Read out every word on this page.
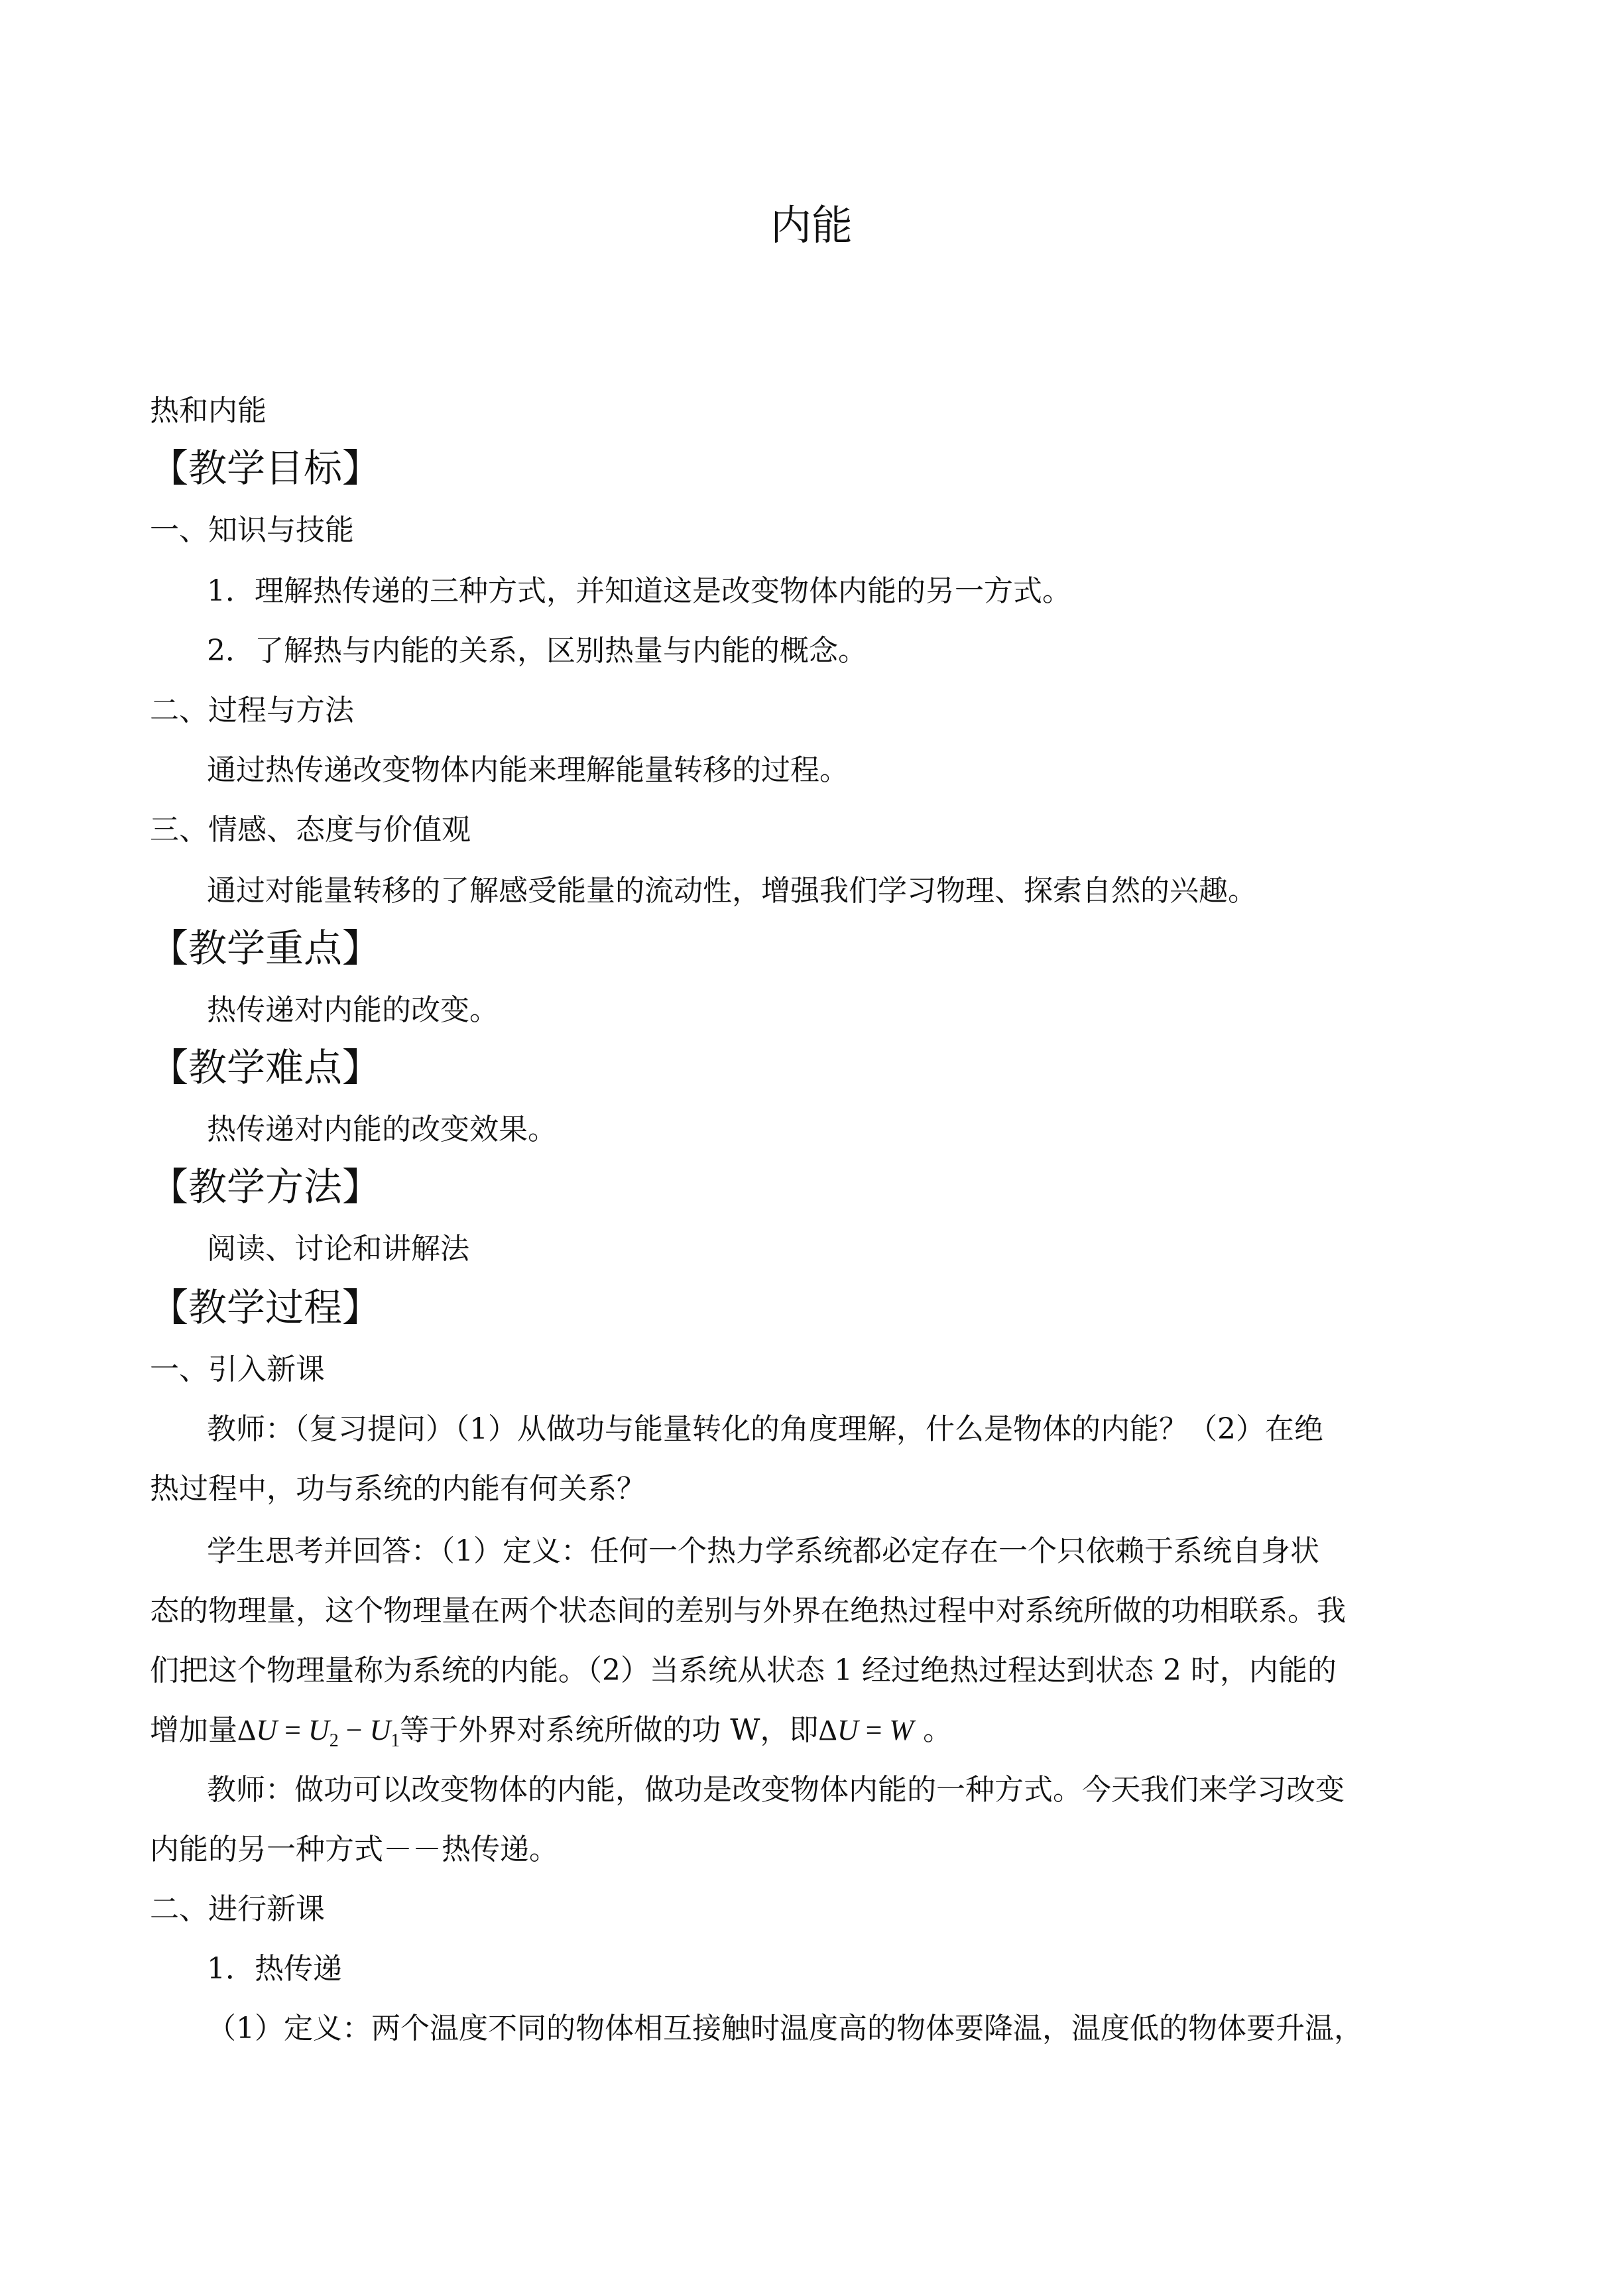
内能
热和内能
【教学目标】
一、知识与技能
1．理解热传递的三种方式，并知道这是改变物体内能的另一方式。
2．了解热与内能的关系，区别热量与内能的概念。
二、过程与方法
通过热传递改变物体内能来理解能量转移的过程。
三、情感、态度与价值观
通过对能量转移的了解感受能量的流动性，增强我们学习物理、探索自然的兴趣。
【教学重点】
热传递对内能的改变。
【教学难点】
热传递对内能的改变效果。
【教学方法】
阅读、讨论和讲解法
【教学过程】
一、引入新课
教师：（复习提问）（1）从做功与能量转化的角度理解，什么是物体的内能？（2）在绝
热过程中，功与系统的内能有何关系？
学生思考并回答：（1）定义：任何一个热力学系统都必定存在一个只依赖于系统自身状
态的物理量，这个物理量在两个状态间的差别与外界在绝热过程中对系统所做的功相联系。我
们把这个物理量称为系统的内能。（2）当系统从状态 1 经过绝热过程达到状态 2 时，内能的
增加量$\Delta U = U_2 - U_1$等于外界对系统所做的功 W，即ΔU = W 。
教师：做功可以改变物体的内能，做功是改变物体内能的一种方式。今天我们来学习改变
内能的另一种方式－－热传递。
二、进行新课
1．热传递
（1）定义：两个温度不同的物体相互接触时温度高的物体要降温，温度低的物体要升温，
